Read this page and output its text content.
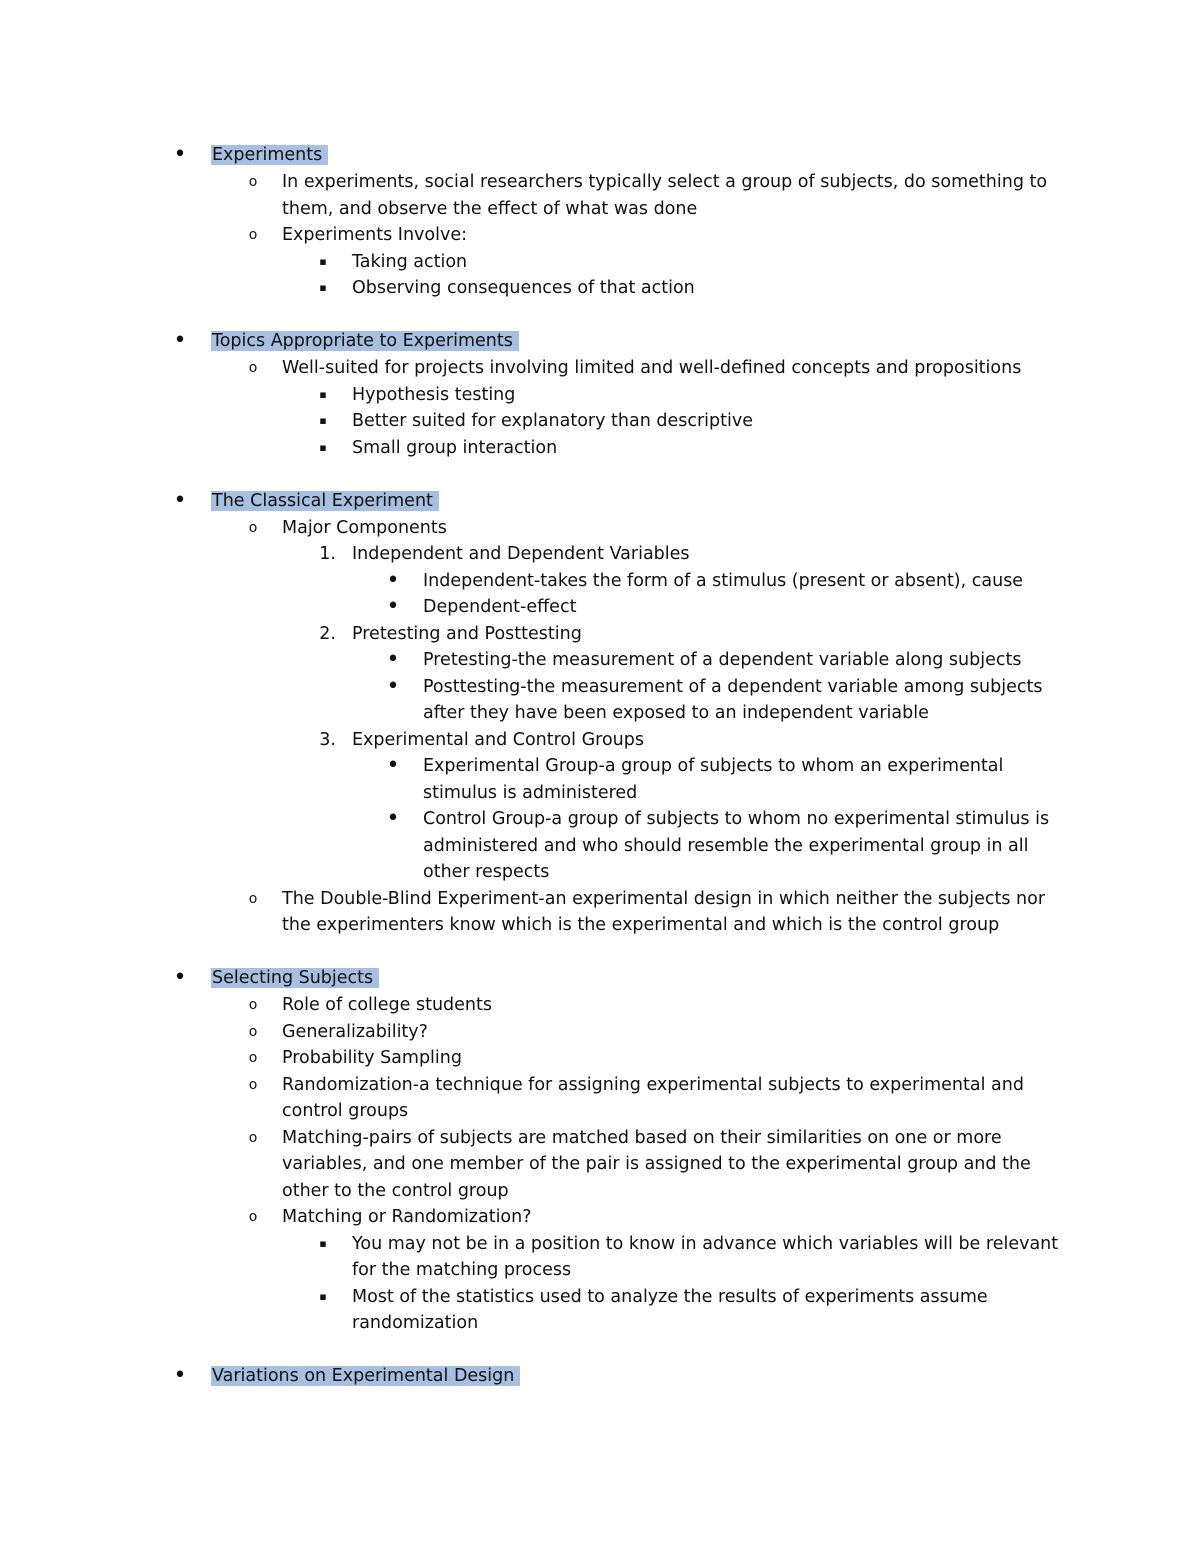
• Experiments
o	In experiments, social researchers typically select a group of subjects, do something to
them, and observe the effect of what was done
o	Experiments Involve:
▪	Taking action
▪	Observing consequences of that action
• Topics Appropriate to Experiments
o	Well-suited for projects involving limited and well-defined concepts and propositions
▪	Hypothesis testing
▪	Better suited for explanatory than descriptive
▪	Small group interaction
• The Classical Experiment
o	Major Components
1. Independent and Dependent Variables
• Independent-takes the form of a stimulus (present or absent), cause
• Dependent-effect
2. Pretesting and Posttesting
• Pretesting-the measurement of a dependent variable along subjects
• Posttesting-the measurement of a dependent variable among subjects
after they have been exposed to an independent variable
3. Experimental and Control Groups
• Experimental Group-a group of subjects to whom an experimental
stimulus is administered
• Control Group-a group of subjects to whom no experimental stimulus is
administered and who should resemble the experimental group in all
other respects
o	The Double-Blind Experiment-an experimental design in which neither the subjects nor
the experimenters know which is the experimental and which is the control group
• Selecting Subjects
o	Role of college students
o	Generalizability?
o	Probability Sampling
o	Randomization-a technique for assigning experimental subjects to experimental and
control groups
o	Matching-pairs of subjects are matched based on their similarities on one or more
variables, and one member of the pair is assigned to the experimental group and the
other to the control group
o	Matching or Randomization?
▪	You may not be in a position to know in advance which variables will be relevant
for the matching process
▪	Most of the statistics used to analyze the results of experiments assume
randomization
• Variations on Experimental Design
